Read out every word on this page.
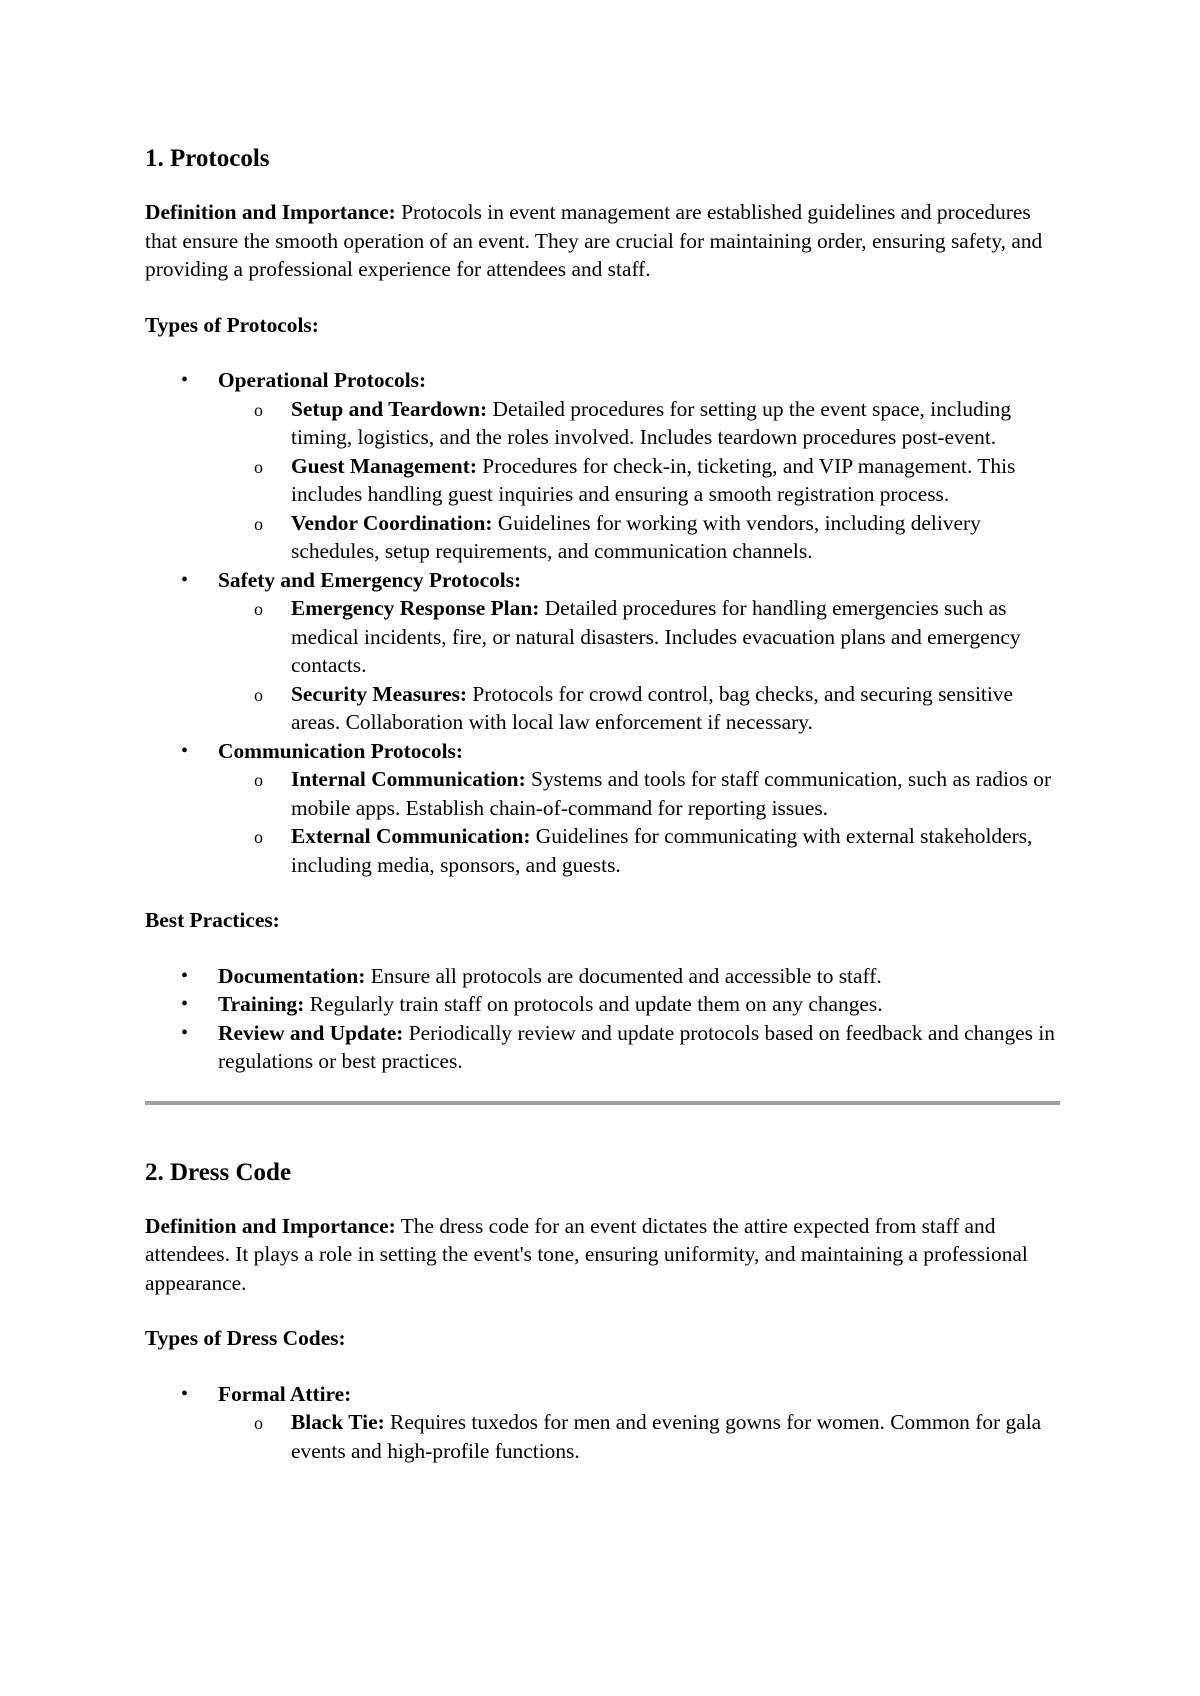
1. Protocols

Definition and Importance: Protocols in event management are established guidelines and procedures that ensure the smooth operation of an event. They are crucial for maintaining order, ensuring safety, and providing a professional experience for attendees and staff.

Types of Protocols:

• Operational Protocols:
o Setup and Teardown: Detailed procedures for setting up the event space, including timing, logistics, and the roles involved. Includes teardown procedures post-event.
o Guest Management: Procedures for check-in, ticketing, and VIP management. This includes handling guest inquiries and ensuring a smooth registration process.
o Vendor Coordination: Guidelines for working with vendors, including delivery schedules, setup requirements, and communication channels.
• Safety and Emergency Protocols:
o Emergency Response Plan: Detailed procedures for handling emergencies such as medical incidents, fire, or natural disasters. Includes evacuation plans and emergency contacts.
o Security Measures: Protocols for crowd control, bag checks, and securing sensitive areas. Collaboration with local law enforcement if necessary.
• Communication Protocols:
o Internal Communication: Systems and tools for staff communication, such as radios or mobile apps. Establish chain-of-command for reporting issues.
o External Communication: Guidelines for communicating with external stakeholders, including media, sponsors, and guests.

Best Practices:

• Documentation: Ensure all protocols are documented and accessible to staff.
• Training: Regularly train staff on protocols and update them on any changes.
• Review and Update: Periodically review and update protocols based on feedback and changes in regulations or best practices.
2. Dress Code

Definition and Importance: The dress code for an event dictates the attire expected from staff and attendees. It plays a role in setting the event's tone, ensuring uniformity, and maintaining a professional appearance.

Types of Dress Codes:

• Formal Attire:
o Black Tie: Requires tuxedos for men and evening gowns for women. Common for gala events and high-profile functions.
